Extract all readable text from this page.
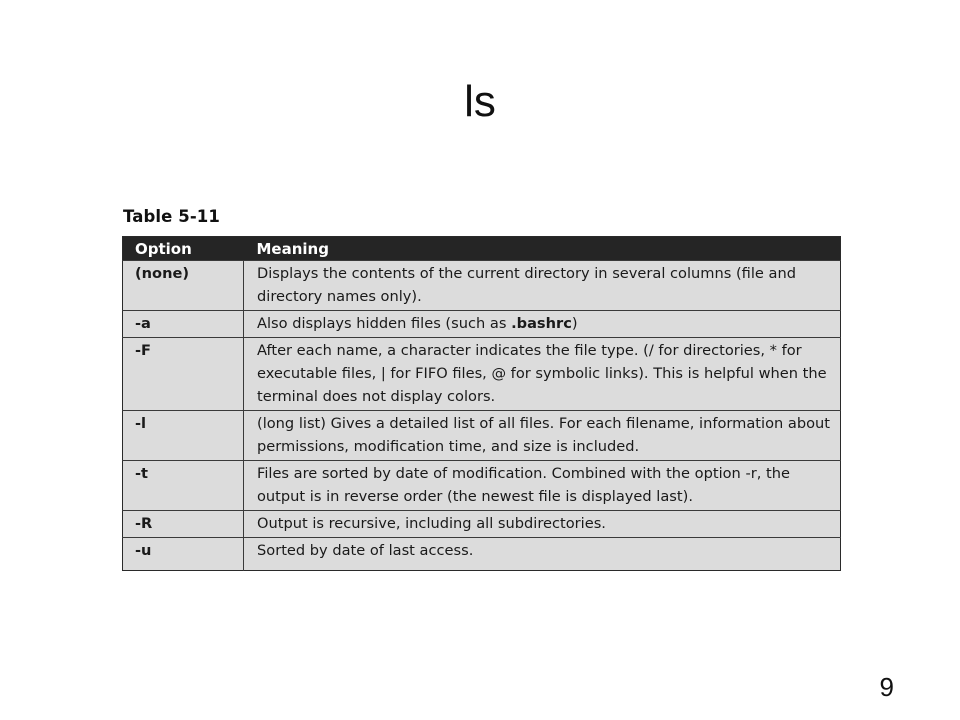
ls
Table 5-11
Option	Meaning
(none)	Displays the contents of the current directory in several columns (file and directory names only).
-a	Also displays hidden files (such as .bashrc)
-F	After each name, a character indicates the file type. (/ for directories, * for executable files, | for FIFO files, @ for symbolic links). This is helpful when the terminal does not display colors.
-l	(long list) Gives a detailed list of all files. For each filename, information about permissions, modification time, and size is included.
-t	Files are sorted by date of modification. Combined with the option -r, the output is in reverse order (the newest file is displayed last).
-R	Output is recursive, including all subdirectories.
-u	Sorted by date of last access.
9
